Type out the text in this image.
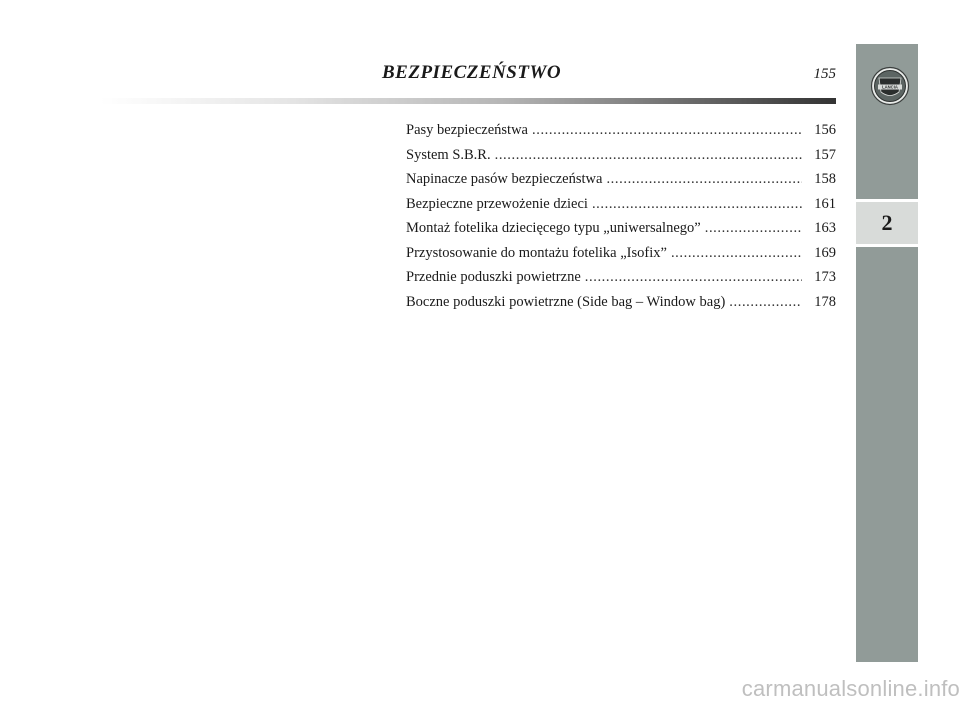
BEZPIECZEŃSTWO	155
Pasy bezpieczeństwa .....	156
System S.B.R. .....	157
Napinacze pasów bezpieczeństwa .....	158
Bezpieczne przewożenie dzieci .....	161
Montaż fotelika dziecięcego typu „uniwersalnego” .....	163
Przystosowanie do montażu fotelika „Isofix” .....	169
Przednie poduszki powietrzne .....	173
Boczne poduszki powietrzne (Side bag – Window bag) .....	178
LANCIA
2
carmanualsonline.info
